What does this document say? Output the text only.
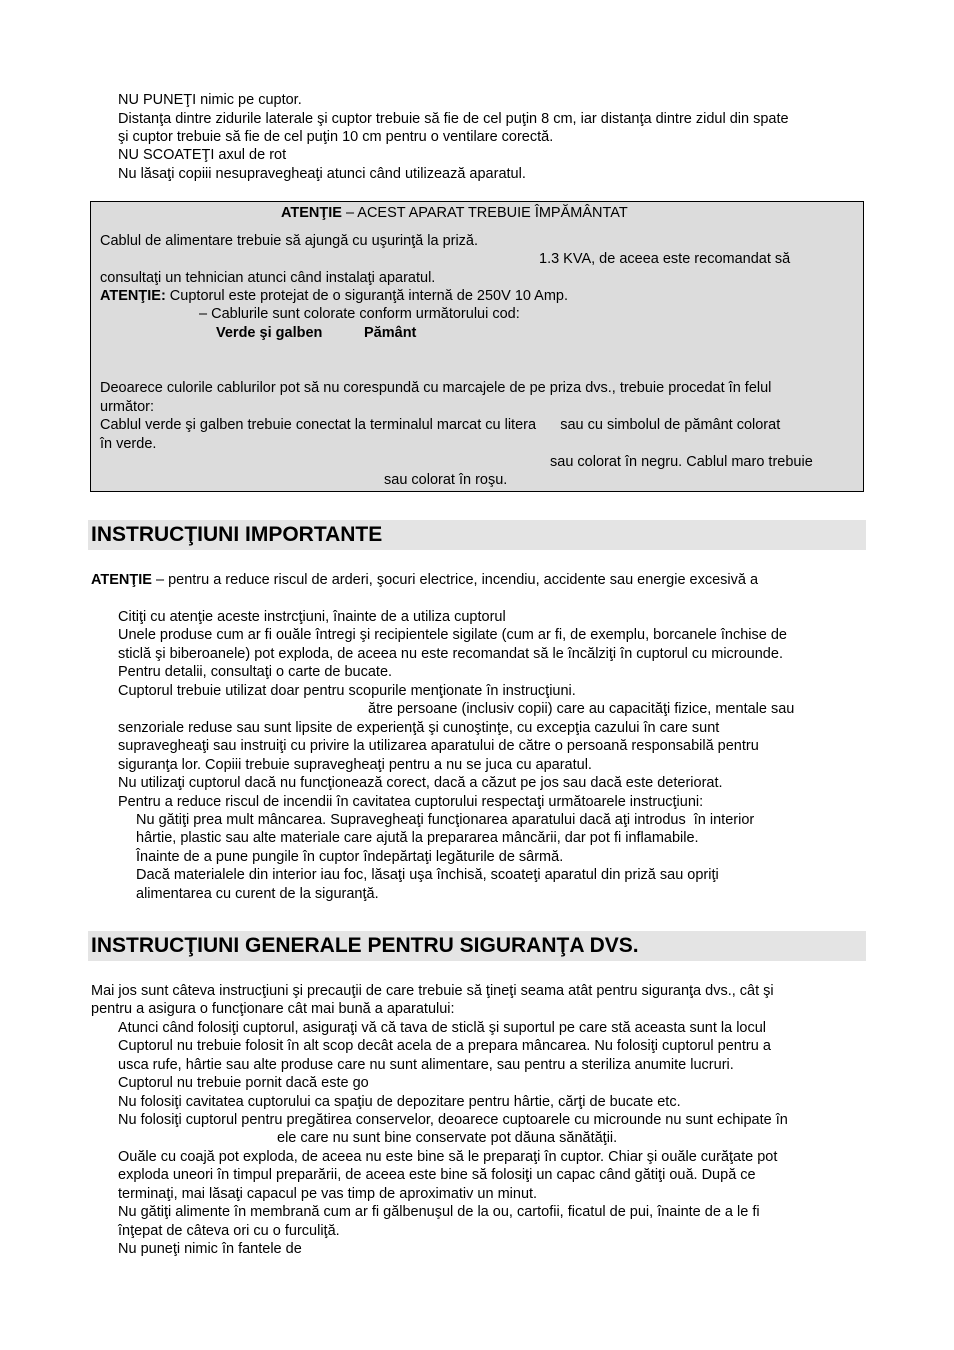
NU PUNEŢI nimic pe cuptor.
Distanţa dintre zidurile laterale şi cuptor trebuie să fie de cel puţin 8 cm, iar distanţa dintre zidul din spate
şi cuptor trebuie să fie de cel puţin 10 cm pentru o ventilare corectă.
NU SCOATEŢI axul de rot
Nu lăsaţi copiii nesupravegheaţi atunci când utilizează aparatul.
ATENŢIE – ACEST APARAT TREBUIE ÎMPĂMÂNTAT
Cablul de alimentare trebuie să ajungă cu uşurinţă la priză.
1.3 KVA, de aceea este recomandat să
consultaţi un tehnician atunci când instalaţi aparatul.
ATENŢIE: Cuptorul este protejat de o siguranţă internă de 250V 10 Amp.
– Cablurile sunt colorate conform următorului cod:
Verde şi galben	Pământ
Deoarece culorile cablurilor pot să nu corespundă cu marcajele de pe priza dvs., trebuie procedat în felul
următor:
Cablul verde şi galben trebuie conectat la terminalul marcat cu litera      sau cu simbolul de pământ colorat
în verde.
sau colorat în negru. Cablul maro trebuie
sau colorat în roşu.
INSTRUCŢIUNI IMPORTANTE
ATENŢIE – pentru a reduce riscul de arderi, şocuri electrice, incendiu, accidente sau energie excesivă a
Citiţi cu atenţie aceste instrcţiuni, înainte de a utiliza cuptorul
Unele produse cum ar fi ouăle întregi şi recipientele sigilate (cum ar fi, de exemplu, borcanele închise de
sticlă şi biberoanele) pot exploda, de aceea nu este recomandat să le încălziţi în cuptorul cu microunde.
Pentru detalii, consultaţi o carte de bucate.
Cuptorul trebuie utilizat doar pentru scopurile menţionate în instrucţiuni.
ătre persoane (inclusiv copii) care au capacităţi fizice, mentale sau
senzoriale reduse sau sunt lipsite de experienţă şi cunoştinţe, cu excepţia cazului în care sunt
supravegheaţi sau instruiţi cu privire la utilizarea aparatului de către o persoană responsabilă pentru
siguranţa lor. Copiii trebuie supravegheaţi pentru a nu se juca cu aparatul.
Nu utilizaţi cuptorul dacă nu funcţionează corect, dacă a căzut pe jos sau dacă este deteriorat.
Pentru a reduce riscul de incendii în cavitatea cuptorului respectaţi următoarele instrucţiuni:
Nu gătiţi prea mult mâncarea. Supravegheaţi funcţionarea aparatului dacă aţi introdus  în interior
hârtie, plastic sau alte materiale care ajută la prepararea mâncării, dar pot fi inflamabile.
Înainte de a pune pungile în cuptor îndepărtaţi legăturile de sârmă.
Dacă materialele din interior iau foc, lăsaţi uşa închisă, scoateţi aparatul din priză sau opriţi
alimentarea cu curent de la siguranţă.
INSTRUCŢIUNI GENERALE PENTRU SIGURANŢA DVS.
Mai jos sunt câteva instrucţiuni şi precauţii de care trebuie să ţineţi seama atât pentru siguranţa dvs., cât şi
pentru a asigura o funcţionare cât mai bună a aparatului:
Atunci când folosiţi cuptorul, asiguraţi vă că tava de sticlă şi suportul pe care stă aceasta sunt la locul
Cuptorul nu trebuie folosit în alt scop decât acela de a prepara mâncarea. Nu folosiţi cuptorul pentru a
usca rufe, hârtie sau alte produse care nu sunt alimentare, sau pentru a steriliza anumite lucruri.
Cuptorul nu trebuie pornit dacă este go
Nu folosiţi cavitatea cuptorului ca spaţiu de depozitare pentru hârtie, cărţi de bucate etc.
Nu folosiţi cuptorul pentru pregătirea conservelor, deoarece cuptoarele cu microunde nu sunt echipate în
ele care nu sunt bine conservate pot dăuna sănătăţii.
Ouăle cu coajă pot exploda, de aceea nu este bine să le preparaţi în cuptor. Chiar şi ouăle curăţate pot
exploda uneori în timpul preparării, de aceea este bine să folosiţi un capac când gătiţi ouă. După ce
terminaţi, mai lăsaţi capacul pe vas timp de aproximativ un minut.
Nu gătiţi alimente în membrană cum ar fi gălbenuşul de la ou, cartofii, ficatul de pui, înainte de a le fi
înţepat de câteva ori cu o furculiţă.
Nu puneţi nimic în fantele de
